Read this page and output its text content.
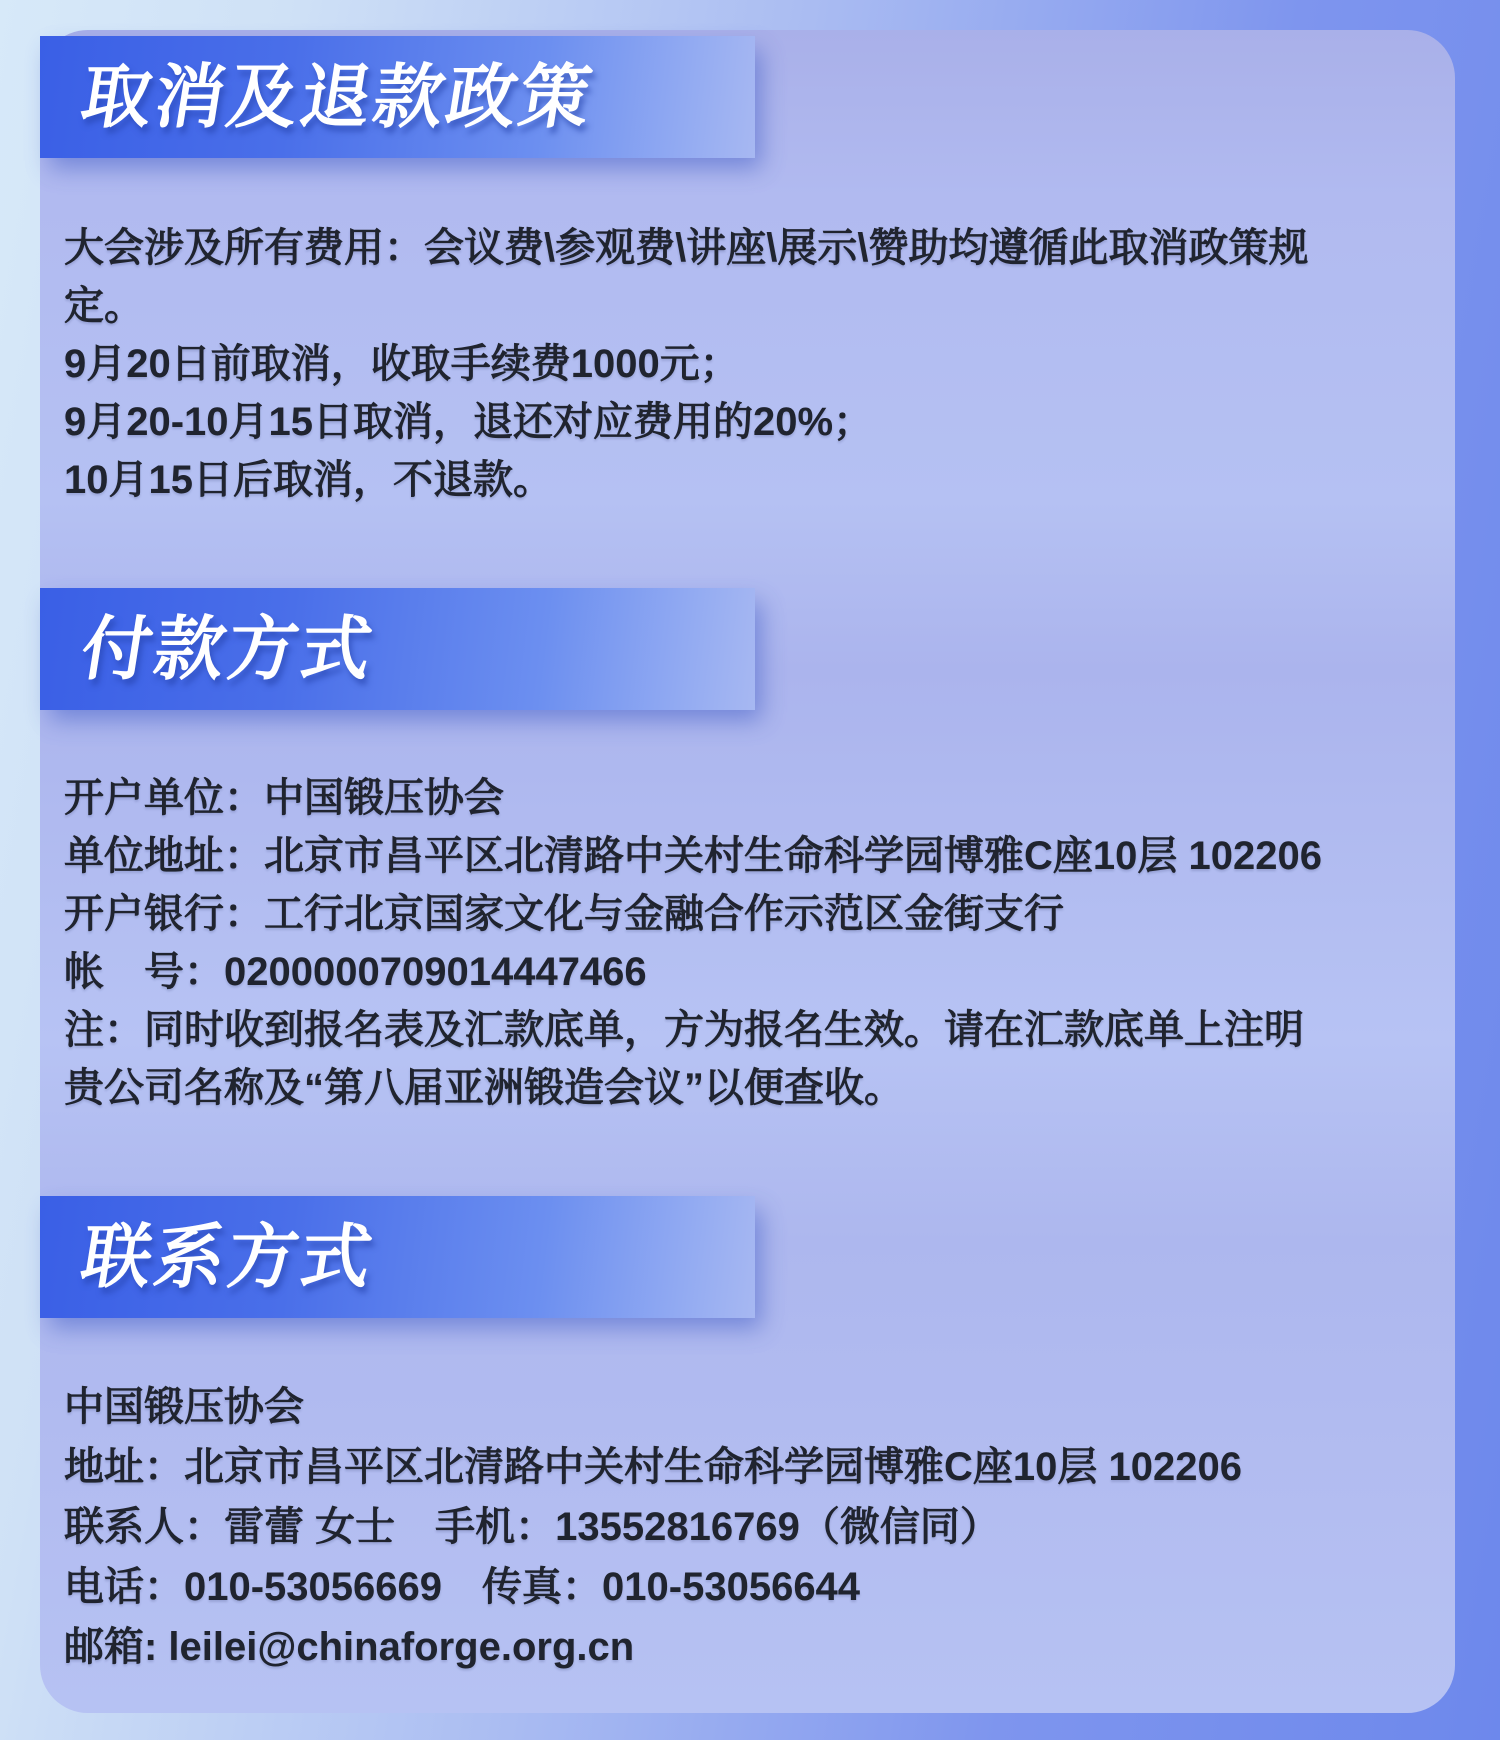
取消及退款政策

大会涉及所有费用：会议费\参观费\讲座\展示\赞助均遵循此取消政策规

定。

9月20日前取消，收取手续费1000元；

9月20-10月15日取消，退还对应费用的20%；

10月15日后取消，不退款。

付款方式

开户单位：中国锻压协会

单位地址：北京市昌平区北清路中关村生命科学园博雅C座10层 102206

开户银行：工行北京国家文化与金融合作示范区金街支行

帐　号：0200000709014447466

注：同时收到报名表及汇款底单，方为报名生效。请在汇款底单上注明

贵公司名称及“第八届亚洲锻造会议”以便查收。

联系方式

中国锻压协会

地址：北京市昌平区北清路中关村生命科学园博雅C座10层 102206

联系人：雷蕾 女士　手机：13552816769（微信同）

电话：010-53056669　传真：010-53056644

邮箱: leilei@chinaforge.org.cn
